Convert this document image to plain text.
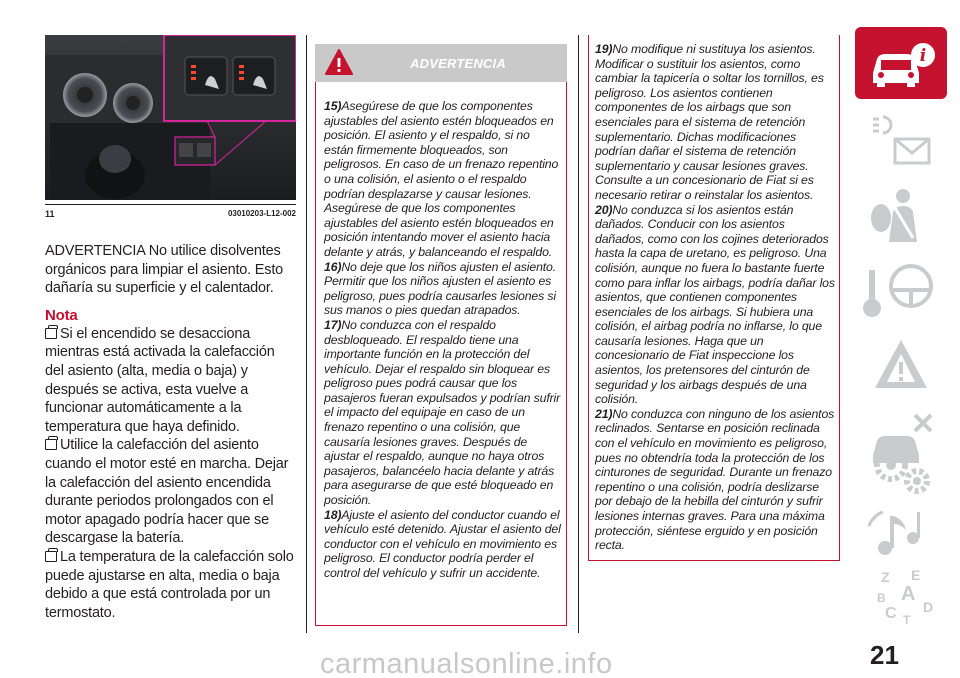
11	03010203-L12-002

ADVERTENCIA No utilice disolventes orgánicos para limpiar el asiento. Esto dañaría su superficie y el calentador.

Nota

Si el encendido se desacciona mientras está activada la calefacción del asiento (alta, media o baja) y después se activa, esta vuelve a funcionar automáticamente a la temperatura que haya definido.

Utilice la calefacción del asiento cuando el motor esté en marcha. Dejar la calefacción del asiento encendida durante periodos prolongados con el motor apagado podría hacer que se descargase la batería.

La temperatura de la calefacción solo puede ajustarse en alta, media o baja debido a que está controlada por un termostato.

ADVERTENCIA

15)Asegúrese de que los componentes ajustables del asiento estén bloqueados en posición. El asiento y el respaldo, si no están firmemente bloqueados, son peligrosos. En caso de un frenazo repentino o una colisión, el asiento o el respaldo podrían desplazarse y causar lesiones. Asegúrese de que los componentes ajustables del asiento estén bloqueados en posición intentando mover el asiento hacia delante y atrás, y balanceando el respaldo.

16)No deje que los niños ajusten el asiento. Permitir que los niños ajusten el asiento es peligroso, pues podría causarles lesiones si sus manos o pies quedan atrapados.

17)No conduzca con el respaldo desbloqueado. El respaldo tiene una importante función en la protección del vehículo. Dejar el respaldo sin bloquear es peligroso pues podrá causar que los pasajeros fueran expulsados y podrían sufrir el impacto del equipaje en caso de un frenazo repentino o una colisión, que causaría lesiones graves. Después de ajustar el respaldo, aunque no haya otros pasajeros, balancéelo hacia delante y atrás para asegurarse de que esté bloqueado en posición.

18)Ajuste el asiento del conductor cuando el vehículo esté detenido. Ajustar el asiento del conductor con el vehículo en movimiento es peligroso. El conductor podría perder el control del vehículo y sufrir un accidente.

19)No modifique ni sustituya los asientos. Modificar o sustituir los asientos, como cambiar la tapicería o soltar los tornillos, es peligroso. Los asientos contienen componentes de los airbags que son esenciales para el sistema de retención suplementario. Dichas modificaciones podrían dañar el sistema de retención suplementario y causar lesiones graves. Consulte a un concesionario de Fiat si es necesario retirar o reinstalar los asientos.

20)No conduzca si los asientos están dañados. Conducir con los asientos dañados, como con los cojines deteriorados hasta la capa de uretano, es peligroso. Una colisión, aunque no fuera lo bastante fuerte como para inflar los airbags, podría dañar los asientos, que contienen componentes esenciales de los airbags. Si hubiera una colisión, el airbag podría no inflarse, lo que causaría lesiones. Haga que un concesionario de Fiat inspeccione los asientos, los pretensores del cinturón de seguridad y los airbags después de una colisión.

21)No conduzca con ninguno de los asientos reclinados. Sentarse en posición reclinada con el vehículo en movimiento es peligroso, pues no obtendría toda la protección de los cinturones de seguridad. Durante un frenazo repentino o una colisión, podría deslizarse por debajo de la hebilla del cinturón y sufrir lesiones internas graves. Para una máxima protección, siéntese erguido y en posición recta.

i
Z E
A
B
C D
T
21
carmanualsonline.info
